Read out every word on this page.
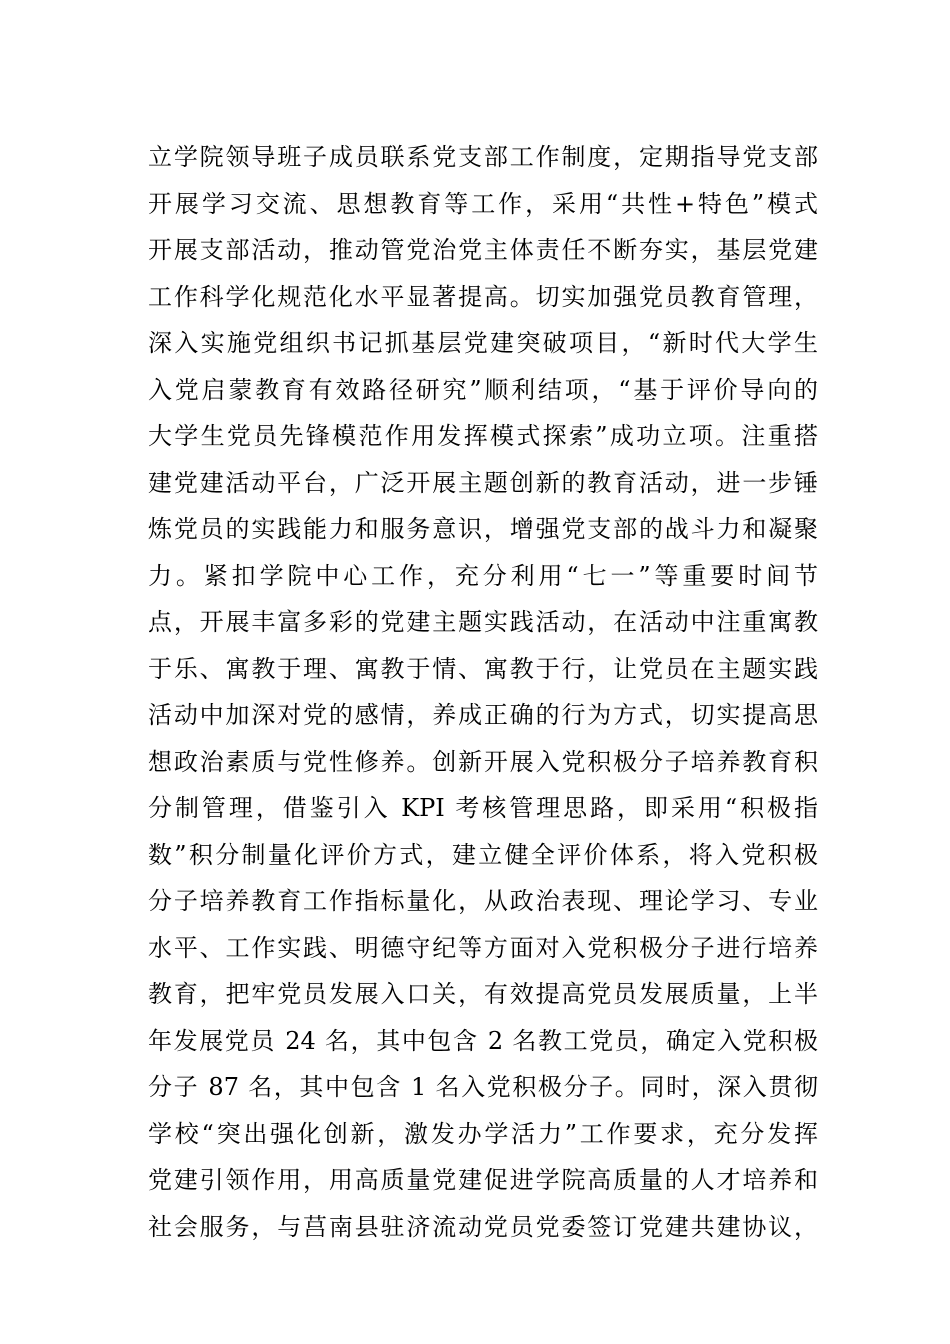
立学院领导班子成员联系党支部工作制度，定期指导党支部
开展学习交流、思想教育等工作，采用“共性+特色”模式
开展支部活动，推动管党治党主体责任不断夯实，基层党建
工作科学化规范化水平显著提高。切实加强党员教育管理，
深入实施党组织书记抓基层党建突破项目，“新时代大学生
入党启蒙教育有效路径研究”顺利结项，“基于评价导向的
大学生党员先锋模范作用发挥模式探索”成功立项。注重搭
建党建活动平台，广泛开展主题创新的教育活动，进一步锤
炼党员的实践能力和服务意识，增强党支部的战斗力和凝聚
力。紧扣学院中心工作，充分利用“七一”等重要时间节
点，开展丰富多彩的党建主题实践活动，在活动中注重寓教
于乐、寓教于理、寓教于情、寓教于行，让党员在主题实践
活动中加深对党的感情，养成正确的行为方式，切实提高思
想政治素质与党性修养。创新开展入党积极分子培养教育积
分制管理，借鉴引入 KPI 考核管理思路，即采用“积极指
数”积分制量化评价方式，建立健全评价体系，将入党积极
分子培养教育工作指标量化，从政治表现、理论学习、专业
水平、工作实践、明德守纪等方面对入党积极分子进行培养
教育，把牢党员发展入口关，有效提高党员发展质量，上半
年发展党员 24 名，其中包含 2 名教工党员，确定入党积极
分子 87 名，其中包含 1 名入党积极分子。同时，深入贯彻
学校“突出强化创新，激发办学活力”工作要求，充分发挥
党建引领作用，用高质量党建促进学院高质量的人才培养和
社会服务，与莒南县驻济流动党员党委签订党建共建协议，
